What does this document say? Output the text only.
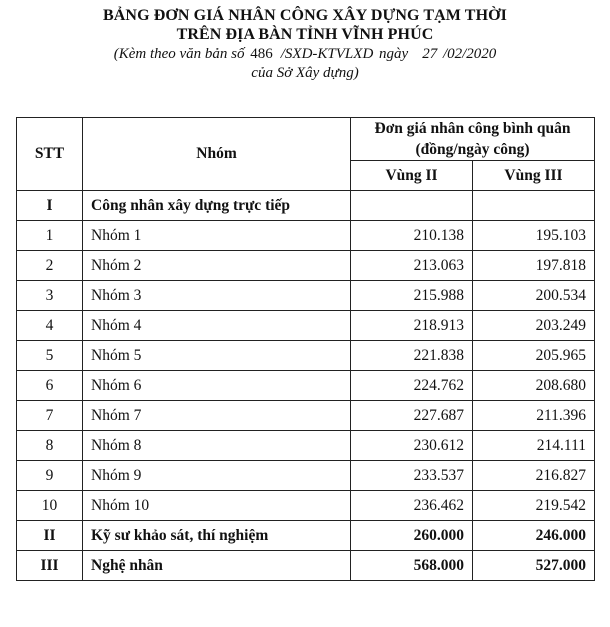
BẢNG ĐƠN GIÁ NHÂN CÔNG XÂY DỰNG TẠM THỜI
TRÊN ĐỊA BÀN TỈNH VĨNH PHÚC
(Kèm theo văn bản số 486 /SXD-KTVLXD ngày 27 /02/2020
của Sở Xây dựng)
STT	Nhóm	Đơn giá nhân công bình quân (đồng/ngày công)	
		Vùng II	Vùng III
I	Công nhân xây dựng trực tiếp		
1	Nhóm 1	210.138	195.103
2	Nhóm 2	213.063	197.818
3	Nhóm 3	215.988	200.534
4	Nhóm 4	218.913	203.249
5	Nhóm 5	221.838	205.965
6	Nhóm 6	224.762	208.680
7	Nhóm 7	227.687	211.396
8	Nhóm 8	230.612	214.111
9	Nhóm 9	233.537	216.827
10	Nhóm 10	236.462	219.542
II	Kỹ sư khảo sát, thí nghiệm	260.000	246.000
III	Nghệ nhân	568.000	527.000
